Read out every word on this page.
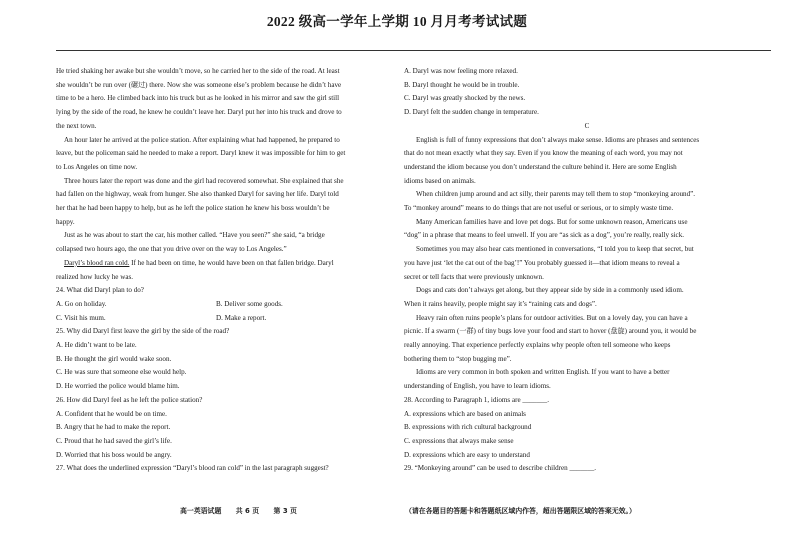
2022 级高一学年上学期 10 月月考考试试题

He tried shaking her awake but she wouldn’t move, so he carried her to the side of the road. At least

she wouldn’t be run over (碾过) there. Now she was someone else’s problem because he didn’t have

time to be a hero. He climbed back into his truck but as he looked in his mirror and saw the girl still

lying by the side of the road, he knew he couldn’t leave her. Daryl put her into his truck and drove to

the next town.

An hour later he arrived at the police station. After explaining what had happened, he prepared to

leave, but the policeman said he needed to make a report. Daryl knew it was impossible for him to get

to Los Angeles on time now.

Three hours later the report was done and the girl had recovered somewhat. She explained that she

had fallen on the highway, weak from hunger. She also thanked Daryl for saving her life. Daryl told

her that he had been happy to help, but as he left the police station he knew his boss wouldn’t be

happy.

Just as he was about to start the car, his mother called. “Have you seen?” she said, “a bridge

collapsed two hours ago, the one that you drive over on the way to Los Angeles.”

Daryl’s blood ran cold. If he had been on time, he would have been on that fallen bridge. Daryl

realized how lucky he was.

24. What did Daryl plan to do?

A. Go on holiday.	B. Deliver some goods.
C. Visit his mum.	D. Make a report.

25. Why did Daryl first leave the girl by the side of the road?

A. He didn’t want to be late.

B. He thought the girl would wake soon.

C. He was sure that someone else would help.

D. He worried the police would blame him.

26. How did Daryl feel as he left the police station?

A. Confident that he would be on time.

B. Angry that he had to make the report.

C. Proud that he had saved the girl’s life.

D. Worried that his boss would be angry.

27. What does the underlined expression “Daryl’s blood ran cold” in the last paragraph suggest?

A. Daryl was now feeling more relaxed.

B. Daryl thought he would be in trouble.

C. Daryl was greatly shocked by the news.

D. Daryl felt the sudden change in temperature.

C

English is full of funny expressions that don’t always make sense. Idioms are phrases and sentences

that do not mean exactly what they say. Even if you know the meaning of each word, you may not

understand the idiom because you don’t understand the culture behind it. Here are some English

idioms based on animals.

When children jump around and act silly, their parents may tell them to stop “monkeying around”.

To “monkey around” means to do things that are not useful or serious, or to simply waste time.

Many American families have and love pet dogs. But for some unknown reason, Americans use

“dog” in a phrase that means to feel unwell. If you are “as sick as a dog”, you’re really, really sick.

Sometimes you may also hear cats mentioned in conversations, “I told you to keep that secret, but

you have just ‘let the cat out of the bag’!” You probably guessed it—that idiom means to reveal a

secret or tell facts that were previously unknown.

Dogs and cats don’t always get along, but they appear side by side in a commonly used idiom.

When it rains heavily, people might say it’s “raining cats and dogs”.

Heavy rain often ruins people’s plans for outdoor activities. But on a lovely day, you can have a

picnic. If a swarm (一群) of tiny bugs love your food and start to hover (盘旋) around you, it would be

really annoying. That experience perfectly explains why people often tell someone who keeps

bothering them to “stop bugging me”.

Idioms are very common in both spoken and written English. If you want to have a better

understanding of English, you have to learn idioms.

28. According to Paragraph 1, idioms are _______.

A. expressions which are based on animals

B. expressions with rich cultural background

C. expressions that always make sense

D. expressions which are easy to understand

29. “Monkeying around” can be used to describe children _______.

高一英语试题 共 6 页 第 3 页	（请在各题目的答题卡和答题纸区域内作答，超出答题限区域的答案无效。）
